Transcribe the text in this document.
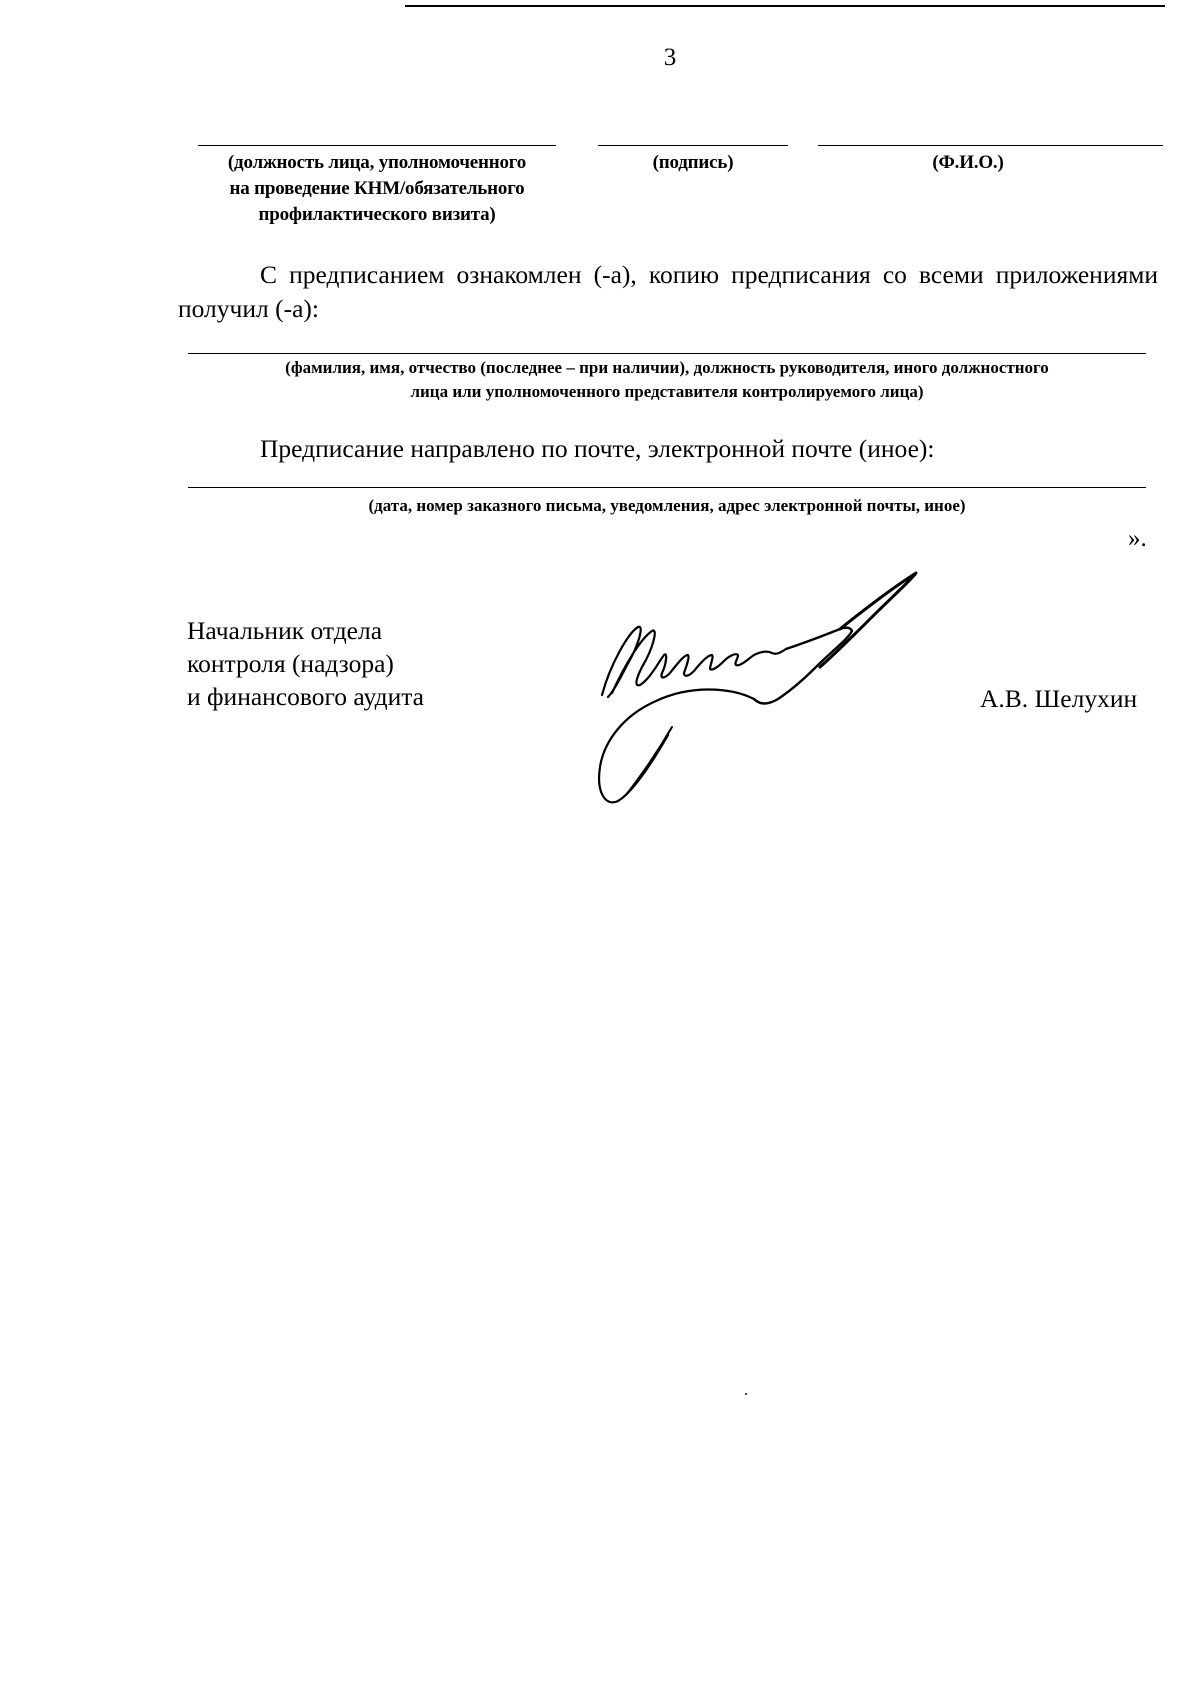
3
(должность лица, уполномоченного
на проведение КНМ/обязательного
профилактического визита)
(подпись)	(Ф.И.О.)
С предписанием ознакомлен (-а), копию предписания со всеми приложениями получил (-а):
(фамилия, имя, отчество (последнее – при наличии), должность руководителя, иного должностного
лица или уполномоченного представителя контролируемого лица)
Предписание направлено по почте, электронной почте (иное):
(дата, номер заказного письма, уведомления, адрес электронной почты, иное)
».
Начальник отдела
контроля (надзора)
и финансового аудита	А.В. Шелухин
